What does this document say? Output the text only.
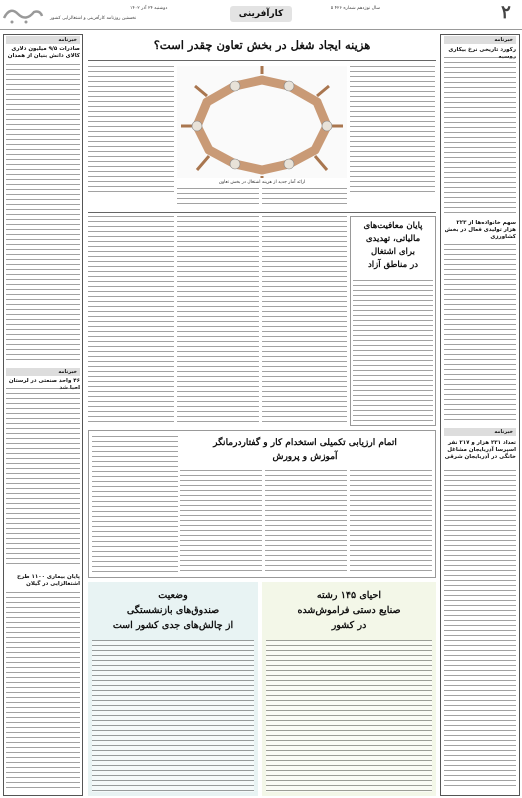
۲
کارآفرینی
سال نوزدهم شماره ۴۲۶ ۵
دوشنبه ۲۴ آذر ۱۴۰۲
نخستین روزنامه کارآفرینی و اشتغالزایی کشور
خبرنامه
رکورد تاریخی نرخ بیکاری
سهم خانواده‌ها از ۲۲۳ هزار تولیدی فعال در بخش کشاورزی
خبرنامه
تعداد ۲۳۱ هزار و ۲۱۷ نفر اسپرسا آذربایجان مشاغل خانگی در آذربایجان شرقی
خبرنامه
صادرات ۹/۵ میلیون دلاری کالای دانش بنیان از همدان
خبرنامه
۴۶ واحد صنعتی در لرستان
پایان بیماری ۱۱۰۰ طرح اشتغالزایی در گیلان
هزینه ایجاد شغل در بخش تعاون چقدر است؟
ارائه آمار جدید از هزینه اشتغال در بخش تعاون
پایان معافیت‌های
مالیاتی، تهدیدی
برای اشتغال
در مناطق آزاد
اتمام ارزیابی تکمیلی استخدام کار و گفتاردرمانگر
آموزش و پرورش
احیای ۱۴۵ رشته
صنایع دستی فراموش‌شده
در کشور
وضعیت
صندوق‌های بازنشستگی
از چالش‌های جدی کشور است
